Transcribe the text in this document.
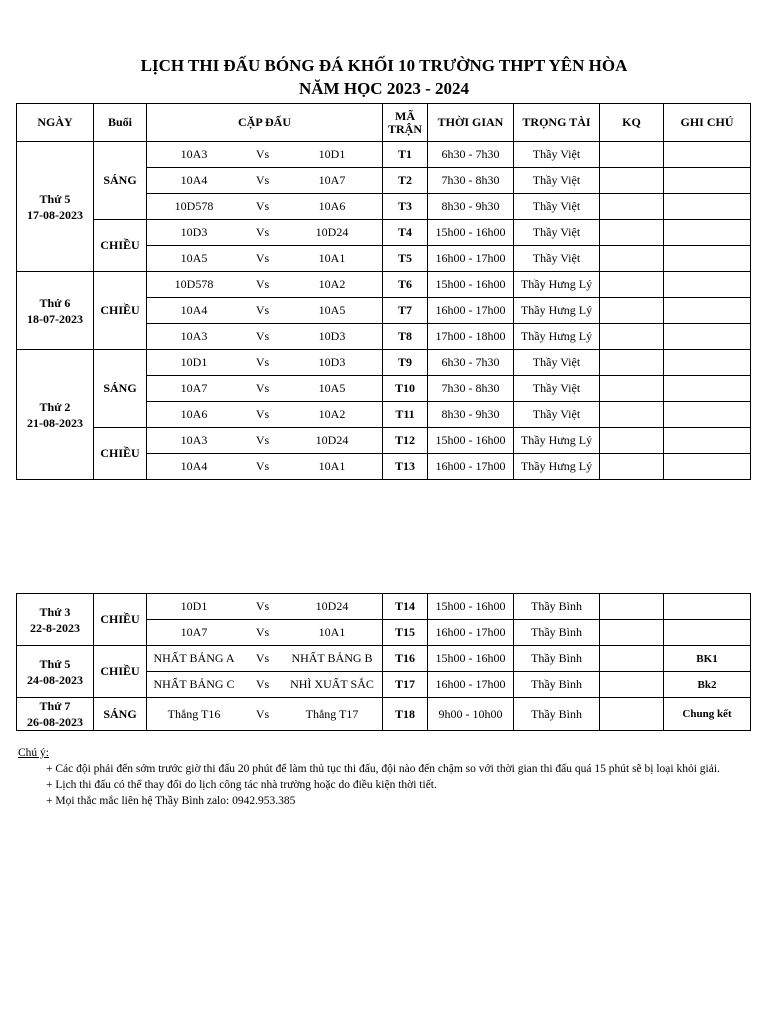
LỊCH THI ĐẤU BÓNG ĐÁ KHỐI 10 TRƯỜNG THPT YÊN HÒA
NĂM HỌC 2023 - 2024
NGÀY	Buổi	CẶP ĐẤU	MÃ TRẬN	THỜI GIAN	TRỌNG TÀI	KQ	GHI CHÚ
Thứ 5
17-08-2023	SÁNG	10A3 Vs 10D1	T1	6h30 - 7h30	Thầy Việt		

		10A4 Vs 10A7	T2	7h30 - 8h30	Thầy Việt		

		10D578 Vs 10A6	T3	8h30 - 9h30	Thầy Việt		
	CHIỀU	10D3 Vs 10D24	T4	15h00 - 16h00	Thầy Việt		

		10A5 Vs 10A1	T5	16h00 - 17h00	Thầy Việt		
Thứ 6
18-07-2023	CHIỀU	10D578 Vs 10A2	T6	15h00 - 16h00	Thầy Hưng Lý		

		10A4 Vs 10A5	T7	16h00 - 17h00	Thầy Hưng Lý		

		10A3 Vs 10D3	T8	17h00 - 18h00	Thầy Hưng Lý		
Thứ 2
21-08-2023	SÁNG	10D1 Vs 10D3	T9	6h30 - 7h30	Thầy Việt		

		10A7 Vs 10A5	T10	7h30 - 8h30	Thầy Việt		

		10A6 Vs 10A2	T11	8h30 - 9h30	Thầy Việt		
	CHIỀU	10A3 Vs 10D24	T12	15h00 - 16h00	Thầy Hưng Lý		

		10A4 Vs 10A1	T13	16h00 - 17h00	Thầy Hưng Lý		
Thứ 3
22-8-2023	CHIỀU	10D1 Vs 10D24	T14	15h00 - 16h00	Thầy Bình		

		10A7 Vs 10A1	T15	16h00 - 17h00	Thầy Bình		
Thứ 5
24-08-2023	CHIỀU	NHẤT BẢNG A Vs NHẤT BẢNG B	T16	15h00 - 16h00	Thầy Bình		BK1

		NHẤT BẢNG C Vs NHÌ XUẤT SẮC	T17	16h00 - 17h00	Thầy Bình		Bk2
Thứ 7
26-08-2023	SÁNG	Thắng T16 Vs Thắng T17	T18	9h00 - 10h00	Thầy Bình		Chung kết

Chú ý:

+ Các đội phải đến sớm trước giờ thi đấu 20 phút để làm thủ tục thi đấu, đội nào đến chậm so với thời gian thi đấu quá 15 phút sẽ bị loại khỏi giải.

+ Lịch thi đấu có thể thay đổi do lịch công tác nhà trường hoặc do điều kiện thời tiết.

+ Mọi thắc mắc liên hệ Thầy Bình zalo: 0942.953.385
